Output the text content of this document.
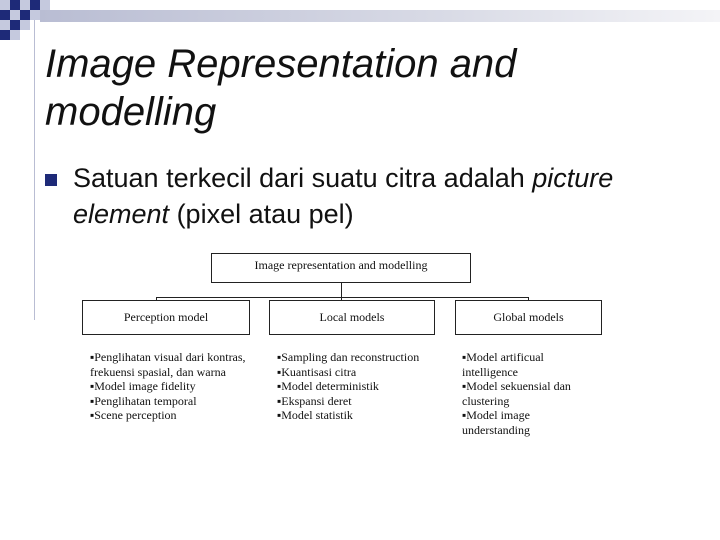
Image Representation and modelling
Satuan terkecil dari suatu citra adalah picture element (pixel atau pel)
Image representation and modelling
Perception model	Local models	Global models
▪Penglihatan visual dari kontras, frekuensi spasial, dan warna
▪Model image fidelity
▪Penglihatan temporal
▪Scene perception
▪Sampling dan reconstruction
▪Kuantisasi citra
▪Model deterministik
▪Ekspansi deret
▪Model statistik
▪Model artificual intelligence
▪Model sekuensial dan clustering
▪Model image understanding
